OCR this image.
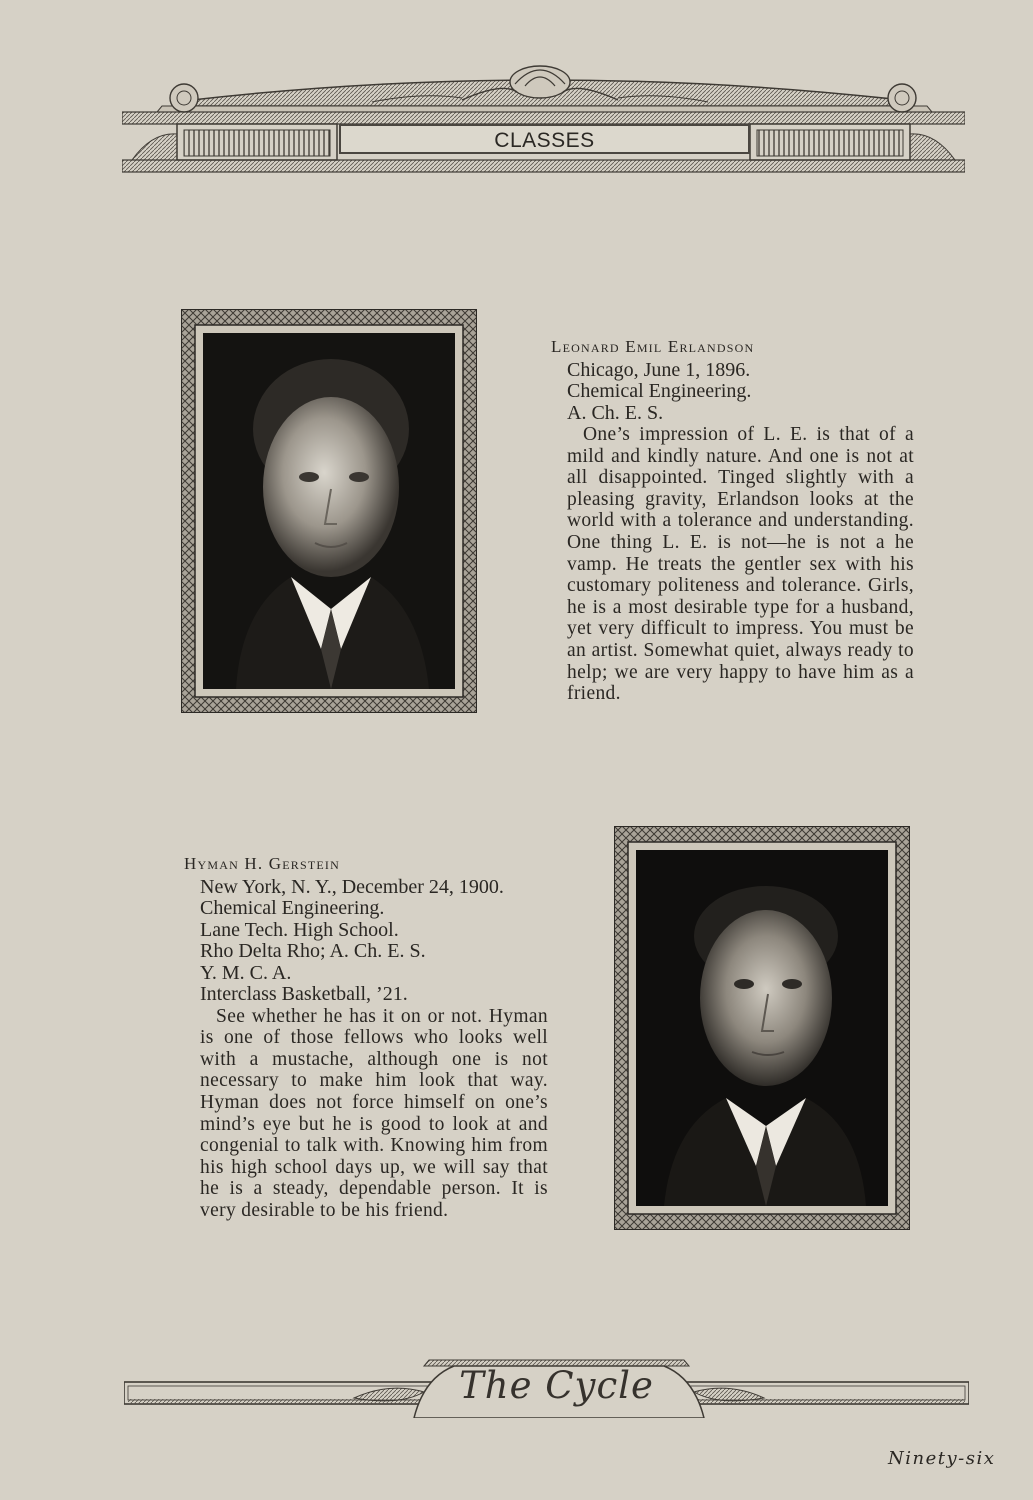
CLASSES
Leonard Emil Erlandson
Chicago, June 1, 1896.
Chemical Engineering.
A. Ch. E. S.
One’s impression of L. E. is that of a mild and kindly nature. And one is not at all disappointed. Tinged slightly with a pleasing gravity, Erlandson looks at the world with a tolerance and understanding. One thing L. E. is not—he is not a he vamp. He treats the gentler sex with his customary politeness and tolerance. Girls, he is a most desirable type for a husband, yet very difficult to impress. You must be an artist. Somewhat quiet, always ready to help; we are very happy to have him as a friend.
Hyman H. Gerstein
New York, N. Y., December 24, 1900.
Chemical Engineering.
Lane Tech. High School.
Rho Delta Rho; A. Ch. E. S.
Y. M. C. A.
Interclass Basketball, ’21.
See whether he has it on or not. Hyman is one of those fellows who looks well with a mustache, although one is not necessary to make him look that way. Hyman does not force himself on one’s mind’s eye but he is good to look at and congenial to talk with. Knowing him from his high school days up, we will say that he is a steady, dependable person. It is very desirable to be his friend.
The Cycle
Ninety-six
